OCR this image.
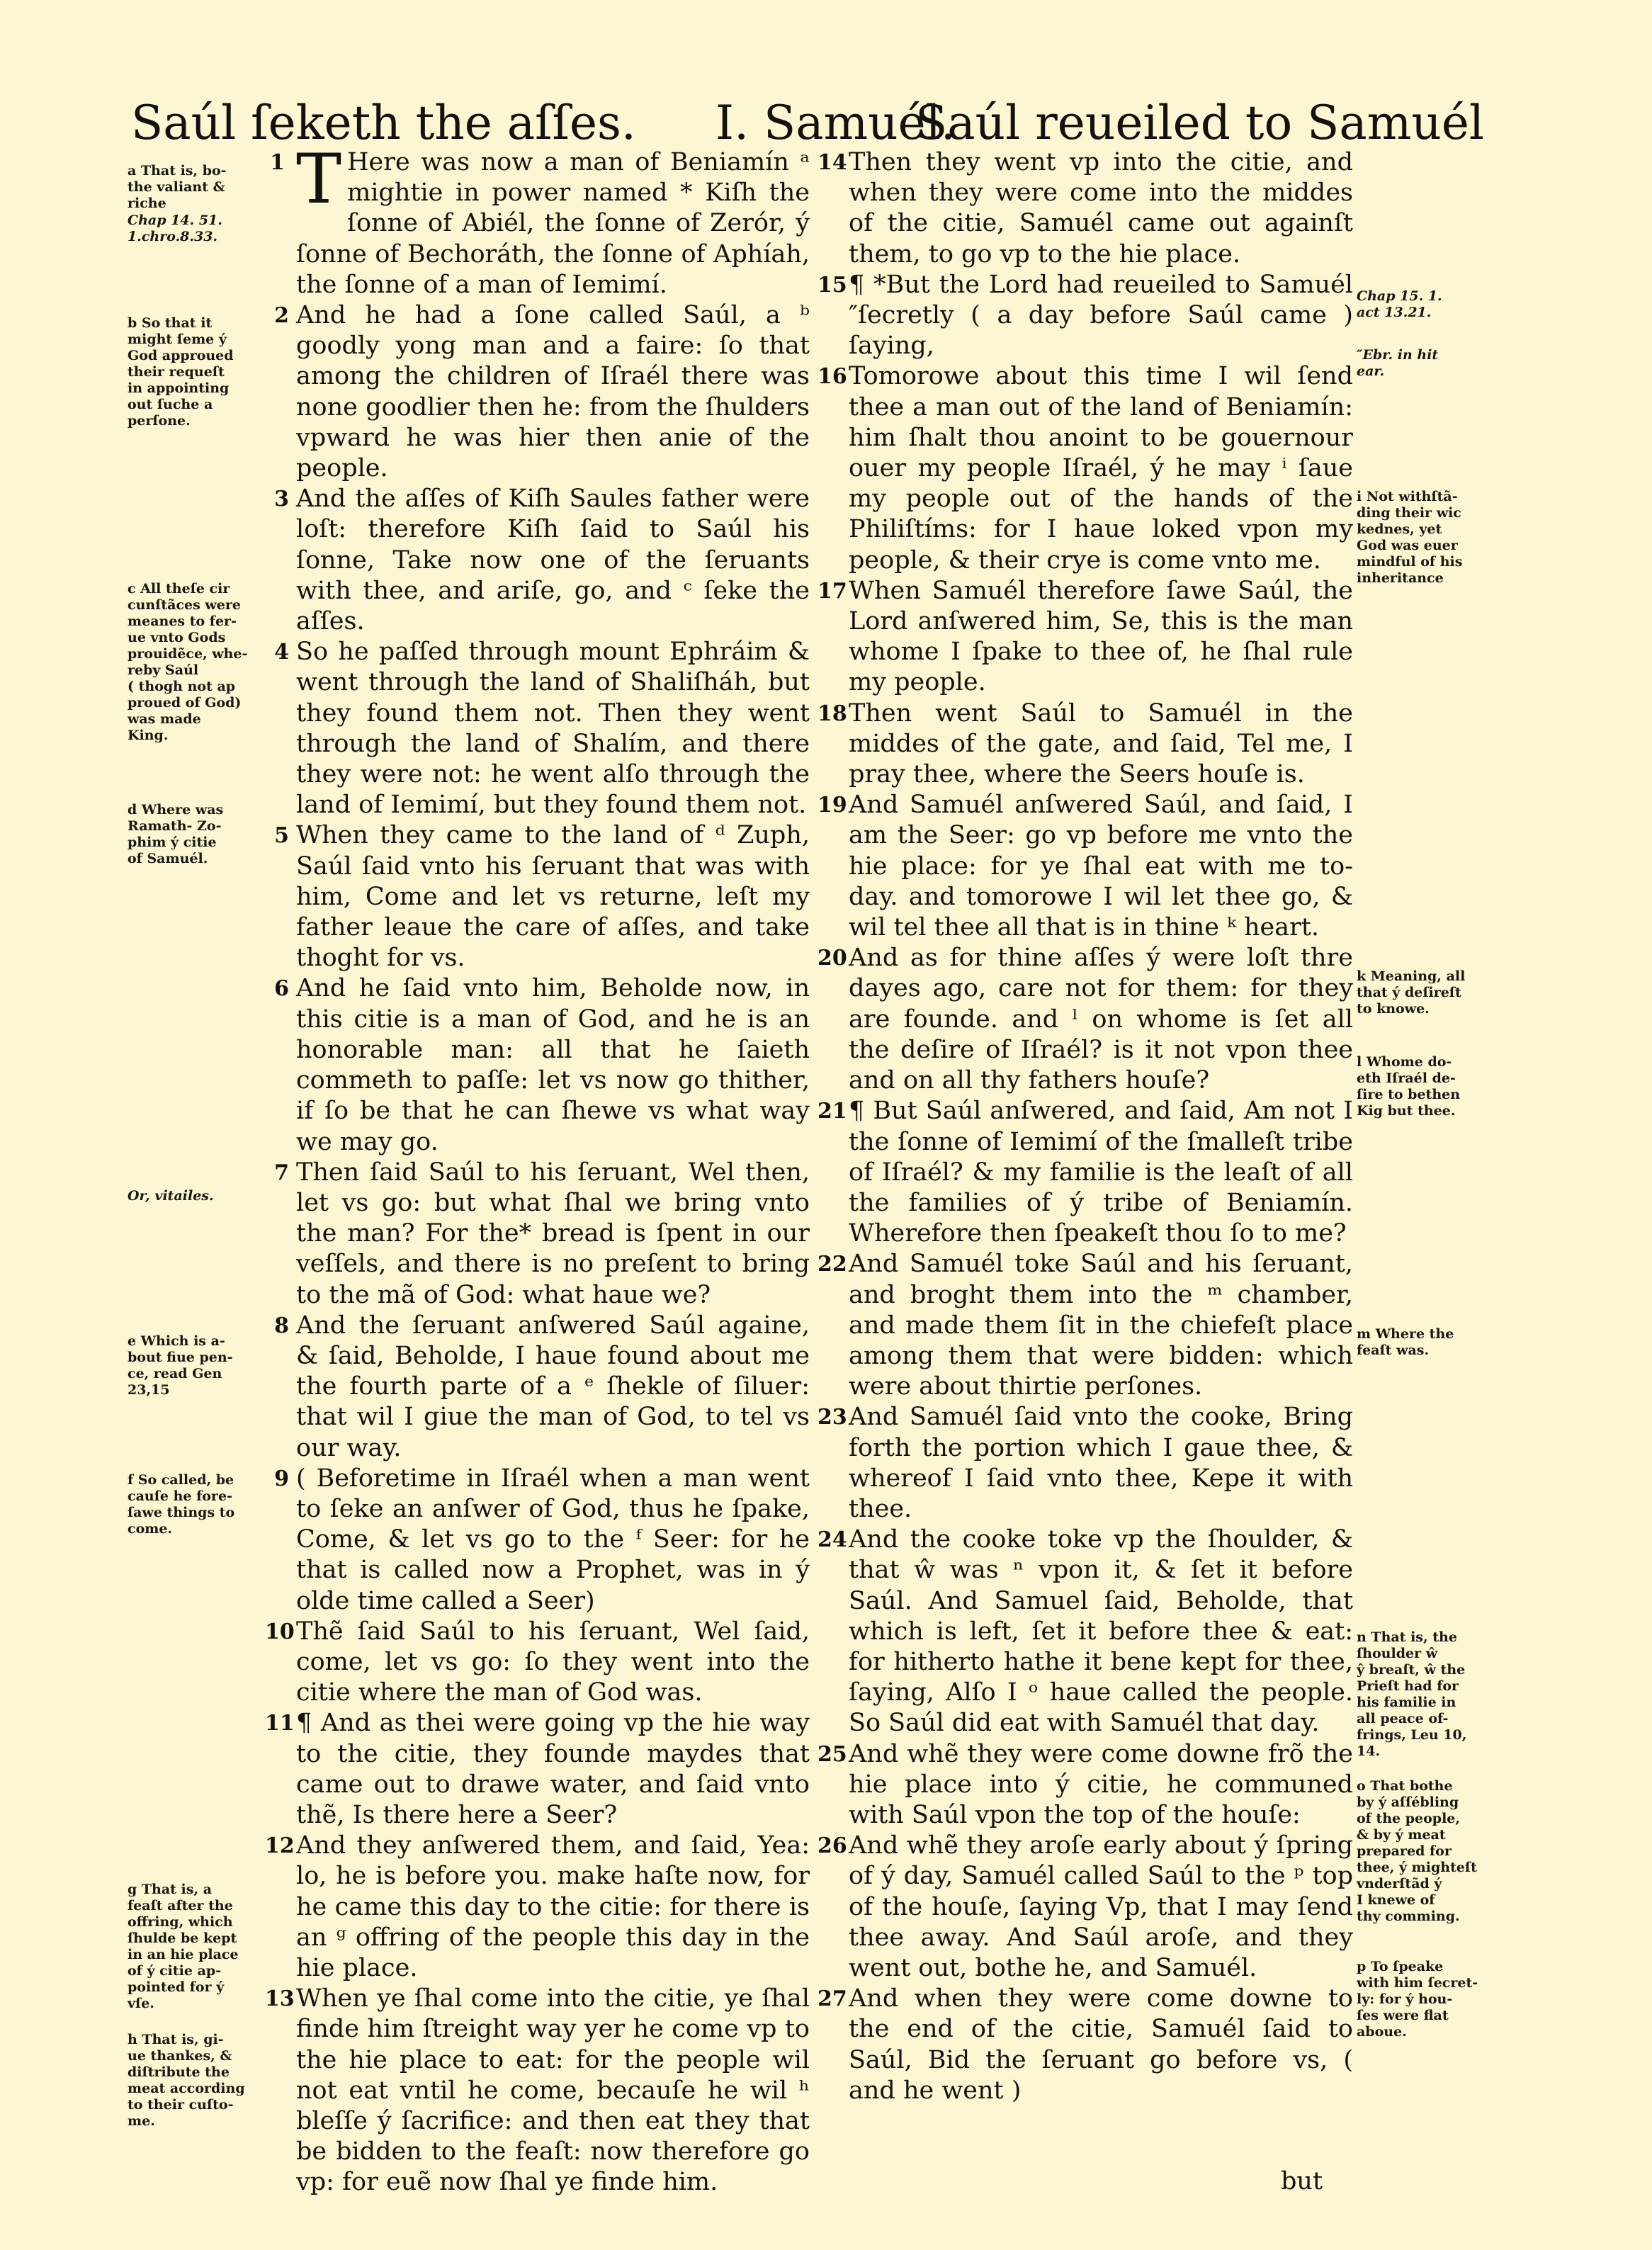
Saúl ſeketh the aſſes. I. Samuél.
Saúl reueiled to Samuél

1 T Here was now a man of Beniamín ᵃ mightie in power named * Kiſh the ſonne of Abiél, the ſonne of Zerór, ý ſonne of Bechoráth, the ſonne of Aphíah, the ſonne of a man of Iemimí.

2 And he had a ſone called Saúl, a ᵇ goodly yong man and a faire: ſo that among the children of Iſraél there was none goodlier then he: from the ſhulders vpward he was hier then anie of the people.

3 And the aſſes of Kiſh Saules father were loſt: therefore Kiſh ſaid to Saúl his ſonne, Take now one of the ſeruants with thee, and ariſe, go, and ᶜ ſeke the aſſes.

4 So he paſſed through mount Ephráim & went through the land of Shaliſháh, but they found them not. Then they went through the land of Shalím, and there they were not: he went alſo through the land of Iemimí, but they found them not.

5 When they came to the land of ᵈ Zuph, Saúl ſaid vnto his ſeruant that was with him, Come and let vs returne, leſt my father leaue the care of aſſes, and take thoght for vs.

6 And he ſaid vnto him, Beholde now, in this citie is a man of God, and he is an honorable man: all that he ſaieth commeth to paſſe: let vs now go thither, if ſo be that he can ſhewe vs what way we may go.

7 Then ſaid Saúl to his ſeruant, Wel then, let vs go: but what ſhal we bring vnto the man? For the* bread is ſpent in our veſſels, and there is no preſent to bring to the mã of God: what haue we?

8 And the ſeruant anſwered Saúl againe, & ſaid, Beholde, I haue found about me the fourth parte of a ᵉ ſhekle of ſiluer: that wil I giue the man of God, to tel vs our way.

9 ( Beforetime in Iſraél when a man went to ſeke an anſwer of God, thus he ſpake, Come, & let vs go to the ᶠ Seer: for he that is called now a Prophet, was in ý olde time called a Seer)

10 Thẽ ſaid Saúl to his ſeruant, Wel ſaid, come, let vs go: ſo they went into the citie where the man of God was.

11 ¶ And as thei were going vp the hie way to the citie, they founde maydes that came out to drawe water, and ſaid vnto thẽ, Is there here a Seer?

12 And they anſwered them, and ſaid, Yea: lo, he is before you. make haſte now, for he came this day to the citie: for there is an ᵍ offring of the people this day in the hie place.

13 When ye ſhal come into the citie, ye ſhal finde him ſtreight way yer he come vp to the hie place to eat: for the people wil not eat vntil he come, becauſe he wil ʰ bleſſe ý ſacrifice: and then eat they that be bidden to the feaſt: now therefore go vp: for euẽ now ſhal ye finde him.

14 Then they went vp into the citie, and when they were come into the middes of the citie, Samuél came out againſt them, to go vp to the hie place.

15 ¶ *But the Lord had reueiled to Samuél ″ſecretly ( a day before Saúl came ) ſaying,

16 Tomorowe about this time I wil ſend thee a man out of the land of Beniamín: him ſhalt thou anoint to be gouernour ouer my people Iſraél, ý he may ⁱ ſaue my people out of the hands of the Philiſtíms: for I haue loked vpon my people, & their crye is come vnto me.

17 When Samuél therefore ſawe Saúl, the Lord anſwered him, Se, this is the man whome I ſpake to thee of, he ſhal rule my people.

18 Then went Saúl to Samuél in the middes of the gate, and ſaid, Tel me, I pray thee, where the Seers houſe is.

19 And Samuél anſwered Saúl, and ſaid, I am the Seer: go vp before me vnto the hie place: for ye ſhal eat with me to-day. and tomorowe I wil let thee go, & wil tel thee all that is in thine ᵏ heart.

20 And as for thine aſſes ý were loſt thre dayes ago, care not for them: for they are founde. and ˡ on whome is ſet all the deſire of Iſraél? is it not vpon thee and on all thy fathers houſe?

21 ¶ But Saúl anſwered, and ſaid, Am not I the ſonne of Iemimí of the ſmalleſt tribe of Iſraél? & my familie is the leaſt of all the families of ý tribe of Beniamín. Wherefore then ſpeakeſt thou ſo to me?

22 And Samuél toke Saúl and his ſeruant, and broght them into the ᵐ chamber, and made them ſit in the chiefeſt place among them that were bidden: which were about thirtie perſones.

23 And Samuél ſaid vnto the cooke, Bring forth the portion which I gaue thee, & whereof I ſaid vnto thee, Kepe it with thee.

24 And the cooke toke vp the ſhoulder, & that ŵ was ⁿ vpon it, & ſet it before Saúl. And Samuel ſaid, Beholde, that which is left, ſet it before thee & eat: for hitherto hathe it bene kept for thee, ſaying, Alſo I ᵒ haue called the people. So Saúl did eat with Samuél that day.

25 And whẽ they were come downe frõ the hie place into ý citie, he communed with Saúl vpon the top of the houſe:

26 And whẽ they aroſe early about ý ſpring of ý day, Samuél called Saúl to the ᵖ top of the houſe, ſaying Vp, that I may ſend thee away. And Saúl aroſe, and they went out, bothe he, and Samuél.

27 And when they were come downe to the end of the citie, Samuél ſaid to Saúl, Bid the ſeruant go before vs, ( and he went )

a That is, bo-
the valiant &
riche
Chap 14. 51.
1.chro.8.33.
b So that it
might ſeme ý
God approued
their requeſt
in appointing
out ſuche a
perſone.
c All theſe cir
cunſtãces were
meanes to fer-
ue vnto Gods
prouidẽce, whe-
reby Saúl
( thogh not ap
proued of God)
was made
King.
d Where was
Ramath- Zo-
phim ý citie
of Samuél.
Or, vitailes.
e Which is a-
bout fiue pen-
ce, read Gen
23,15
f So called, be
cauſe he fore-
ſawe things to
come.
g That is, a
feaſt after the
offring, which
ſhulde be kept
in an hie place
of ý citie ap-
pointed for ý
vſe.
h That is, gi-
ue thankes, &
diſtribute the
meat according
to their cuſto-
me.
Chap 15. 1.
act 13.21.
″Ebr. in hit
ear.
i Not withſtã-
ding their wic
kednes, yet
God was euer
mindful of his
inheritance
k Meaning, all
that ý deſireſt
to knowe.
l Whome do-
eth Iſraél de-
ſire to bethen
Kig but thee.
m Where the
feaſt was.
n That is, the
ſhoulder ŵ
ŷ breaſt, ŵ the
Prieſt had for
his familie in
all peace of-
frings, Leu 10,
14.
o That bothe
by ý aſſébling
of the people,
& by ý meat
prepared for
thee, ý mighteſt
vnderſtãd ý
I knewe of
thy comming.
p To ſpeake
with him ſecret-
ly: for ý hou-
ſes were flat
aboue.
but
